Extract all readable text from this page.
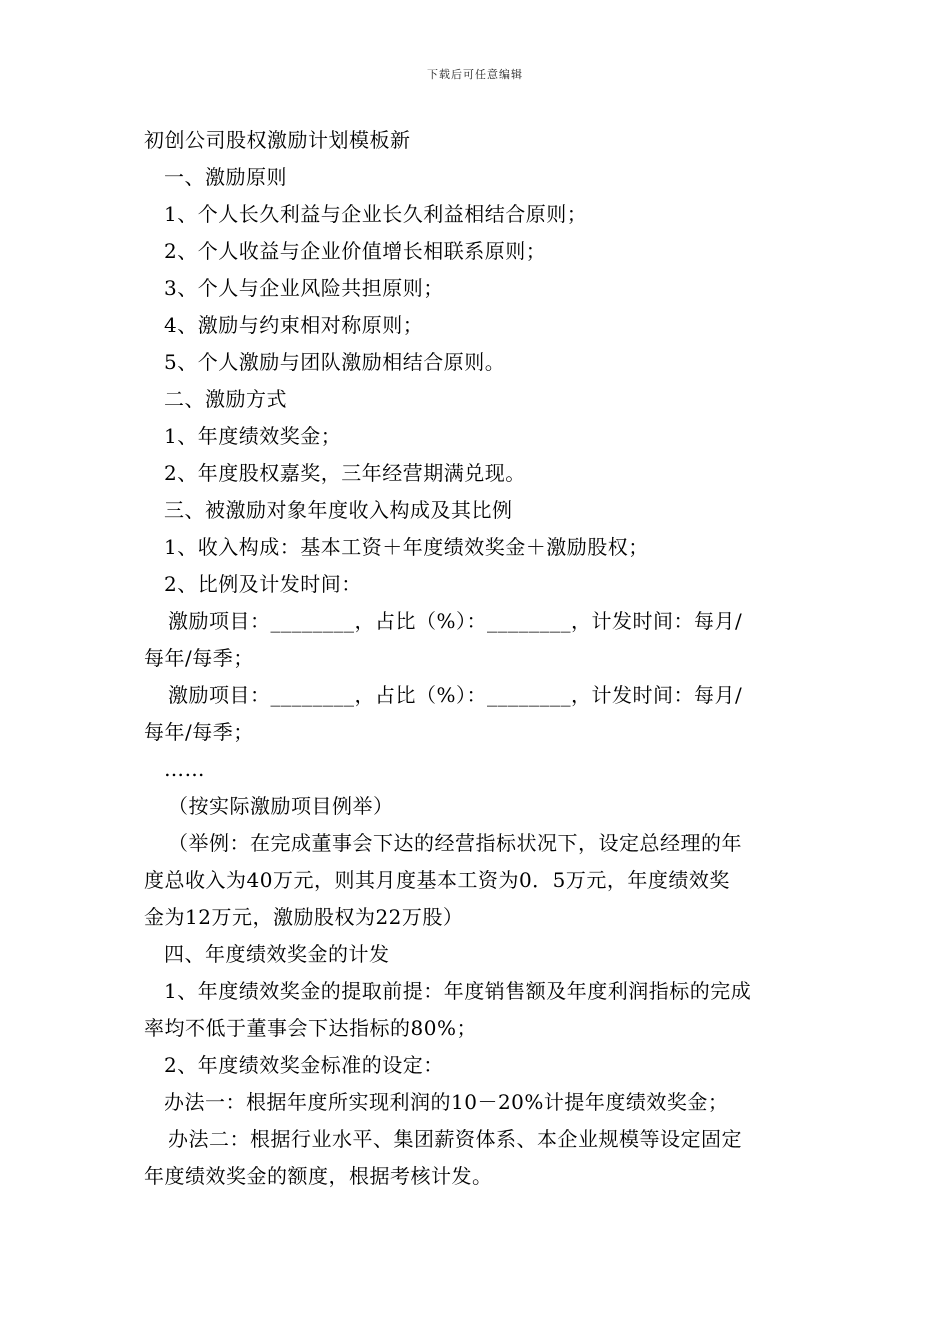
下载后可任意编辑

初创公司股权激励计划模板新

一、激励原则

1、个人长久利益与企业长久利益相结合原则；

2、个人收益与企业价值增长相联系原则；

3、个人与企业风险共担原则；

4、激励与约束相对称原则；

5、个人激励与团队激励相结合原则。

二、激励方式

1、年度绩效奖金；

2、年度股权嘉奖，三年经营期满兑现。

三、被激励对象年度收入构成及其比例

1、收入构成：基本工资＋年度绩效奖金＋激励股权；

2、比例及计发时间：

激励项目：________，占比（%）：________，计发时间：每月/

每年/每季；

激励项目：________，占比（%）：________，计发时间：每月/

每年/每季；

……

（按实际激励项目例举）

（举例：在完成董事会下达的经营指标状况下，设定总经理的年

度总收入为40万元，则其月度基本工资为0．5万元，年度绩效奖

金为12万元，激励股权为22万股）

四、年度绩效奖金的计发

1、年度绩效奖金的提取前提：年度销售额及年度利润指标的完成

率均不低于董事会下达指标的80%；

2、年度绩效奖金标准的设定：

办法一：根据年度所实现利润的10－20%计提年度绩效奖金；

办法二：根据行业水平、集团薪资体系、本企业规模等设定固定

年度绩效奖金的额度，根据考核计发。
